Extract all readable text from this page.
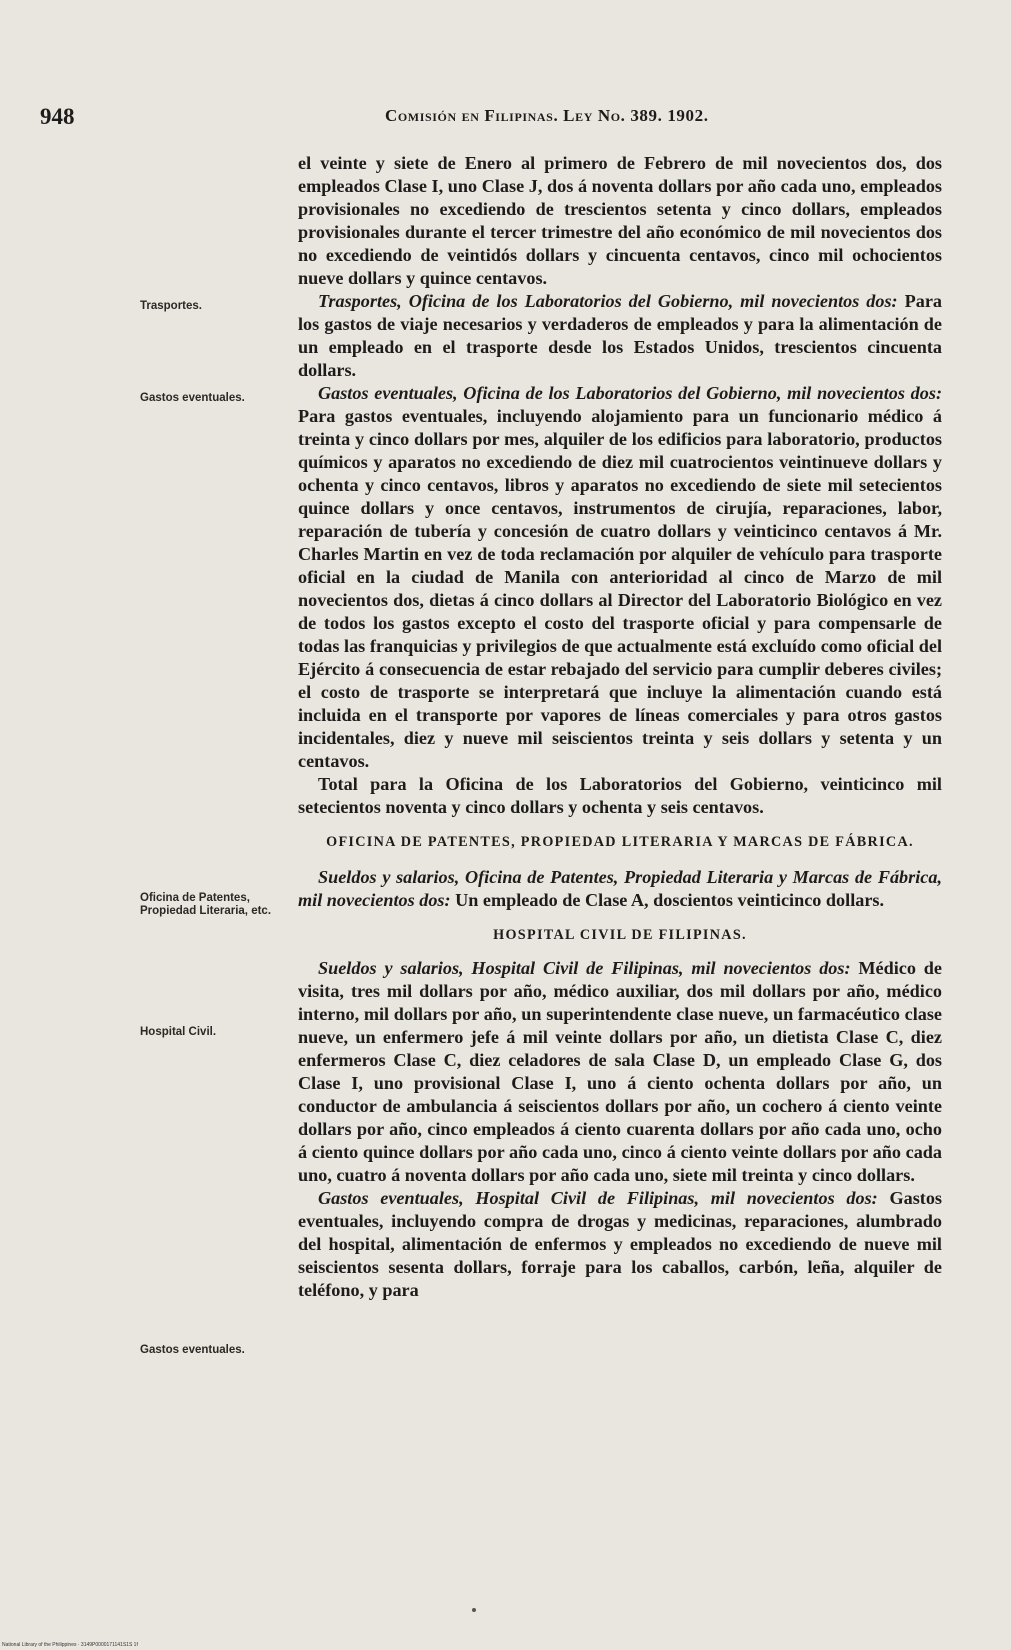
948	Comisión en Filipinas. Ley No. 389. 1902.
Trasportes.
Gastos eventuales.
Oficina de Patentes, Propiedad Literaria, etc.
Hospital Civil.
Gastos eventuales.

el veinte y siete de Enero al primero de Febrero de mil novecientos dos, dos empleados Clase I, uno Clase J, dos á noventa dollars por año cada uno, empleados provisionales no excediendo de trescientos setenta y cinco dollars, empleados provisionales durante el tercer trimestre del año económico de mil novecientos dos no excediendo de veintidós dollars y cincuenta centavos, cinco mil ochocientos nueve dollars y quince centavos.

Trasportes, Oficina de los Laboratorios del Gobierno, mil novecientos dos: Para los gastos de viaje necesarios y verdaderos de empleados y para la alimentación de un empleado en el trasporte desde los Estados Unidos, trescientos cincuenta dollars.

Gastos eventuales, Oficina de los Laboratorios del Gobierno, mil novecientos dos: Para gastos eventuales, incluyendo alojamiento para un funcionario médico á treinta y cinco dollars por mes, alquiler de los edificios para laboratorio, productos químicos y aparatos no excediendo de diez mil cuatrocientos veintinueve dollars y ochenta y cinco centavos, libros y aparatos no excediendo de siete mil setecientos quince dollars y once centavos, instrumentos de cirujía, reparaciones, labor, reparación de tubería y concesión de cuatro dollars y veinticinco centavos á Mr. Charles Martin en vez de toda reclamación por alquiler de vehículo para trasporte oficial en la ciudad de Manila con anterioridad al cinco de Marzo de mil novecientos dos, dietas á cinco dollars al Director del Laboratorio Biológico en vez de todos los gastos excepto el costo del trasporte oficial y para compensarle de todas las franquicias y privilegios de que actualmente está excluído como oficial del Ejército á consecuencia de estar rebajado del servicio para cumplir deberes civiles; el costo de trasporte se interpretará que incluye la alimentación cuando está incluida en el transporte por vapores de líneas comerciales y para otros gastos incidentales, diez y nueve mil seiscientos treinta y seis dollars y setenta y un centavos.

Total para la Oficina de los Laboratorios del Gobierno, veinticinco mil setecientos noventa y cinco dollars y ochenta y seis centavos.

OFICINA DE PATENTES, PROPIEDAD LITERARIA Y MARCAS DE FÁBRICA.

Sueldos y salarios, Oficina de Patentes, Propiedad Literaria y Marcas de Fábrica, mil novecientos dos: Un empleado de Clase A, doscientos veinticinco dollars.

HOSPITAL CIVIL DE FILIPINAS.

Sueldos y salarios, Hospital Civil de Filipinas, mil novecientos dos: Médico de visita, tres mil dollars por año, médico auxiliar, dos mil dollars por año, médico interno, mil dollars por año, un superintendente clase nueve, un farmacéutico clase nueve, un enfermero jefe á mil veinte dollars por año, un dietista Clase C, diez enfermeros Clase C, diez celadores de sala Clase D, un empleado Clase G, dos Clase I, uno provisional Clase I, uno á ciento ochenta dollars por año, un conductor de ambulancia á seiscientos dollars por año, un cochero á ciento veinte dollars por año, cinco empleados á ciento cuarenta dollars por año cada uno, ocho á ciento quince dollars por año cada uno, cinco á ciento veinte dollars por año cada uno, cuatro á noventa dollars por año cada uno, siete mil treinta y cinco dollars.

Gastos eventuales, Hospital Civil de Filipinas, mil novecientos dos: Gastos eventuales, incluyendo compra de drogas y medicinas, reparaciones, alumbrado del hospital, alimentación de enfermos y empleados no excediendo de nueve mil seiscientos sesenta dollars, forraje para los caballos, carbón, leña, alquiler de teléfono, y para

National Library of the Philippines · 3149P0000171141S1S 1f
